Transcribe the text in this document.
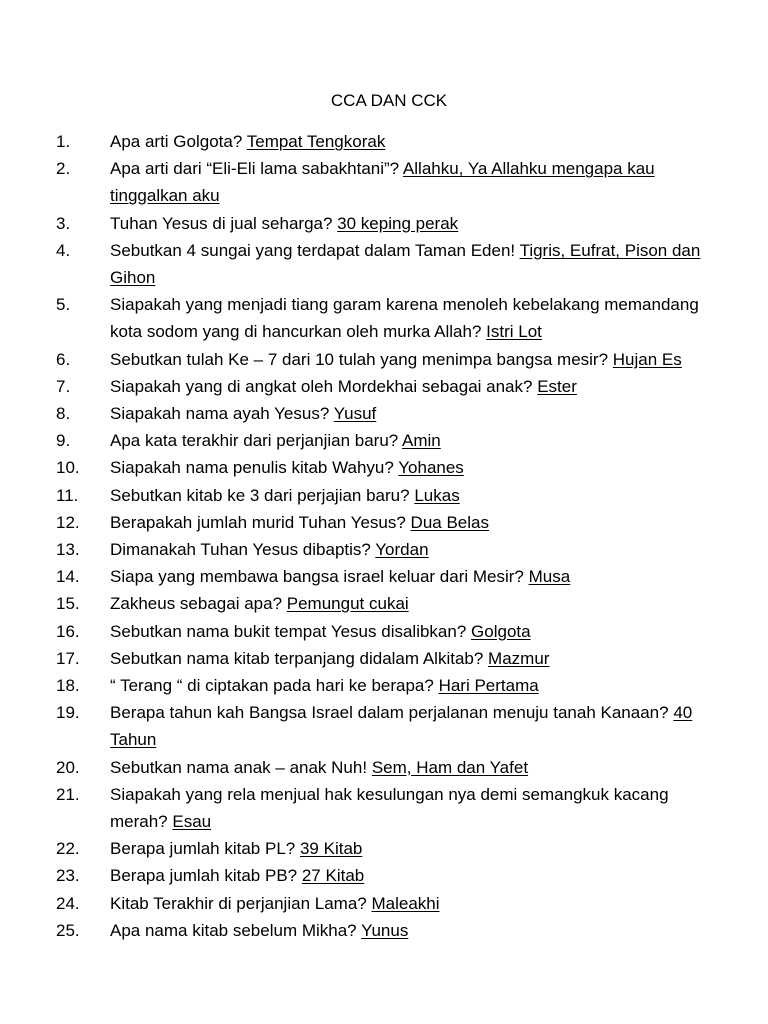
CCA DAN CCK
1. Apa arti Golgota? Tempat Tengkorak
2. Apa arti dari “Eli-Eli lama sabakhtani”? Allahku, Ya Allahku mengapa kau tinggalkan aku
3. Tuhan Yesus di jual seharga? 30 keping perak
4. Sebutkan 4 sungai yang terdapat dalam Taman Eden! Tigris, Eufrat, Pison dan Gihon
5. Siapakah yang menjadi tiang garam karena menoleh kebelakang memandang kota sodom yang di hancurkan oleh murka Allah? Istri Lot
6. Sebutkan tulah Ke – 7 dari 10 tulah yang menimpa bangsa mesir? Hujan Es
7. Siapakah yang di angkat oleh Mordekhai sebagai anak? Ester
8. Siapakah nama ayah Yesus? Yusuf
9. Apa kata terakhir dari perjanjian baru? Amin
10. Siapakah nama penulis kitab Wahyu? Yohanes
11. Sebutkan kitab ke 3 dari perjajian baru? Lukas
12. Berapakah jumlah murid Tuhan Yesus? Dua Belas
13. Dimanakah Tuhan Yesus dibaptis? Yordan
14. Siapa yang membawa bangsa israel keluar dari Mesir? Musa
15. Zakheus sebagai apa? Pemungut cukai
16. Sebutkan nama bukit tempat Yesus disalibkan? Golgota
17. Sebutkan nama kitab terpanjang didalam Alkitab? Mazmur
18. “ Terang “ di ciptakan pada hari ke berapa? Hari Pertama
19. Berapa tahun kah Bangsa Israel dalam perjalanan menuju tanah Kanaan? 40 Tahun
20. Sebutkan nama anak – anak Nuh! Sem, Ham dan Yafet
21. Siapakah yang rela menjual hak kesulungan nya demi semangkuk kacang merah? Esau
22. Berapa jumlah kitab PL? 39 Kitab
23. Berapa jumlah kitab PB? 27 Kitab
24. Kitab Terakhir di perjanjian Lama? Maleakhi
25. Apa nama kitab sebelum Mikha? Yunus
